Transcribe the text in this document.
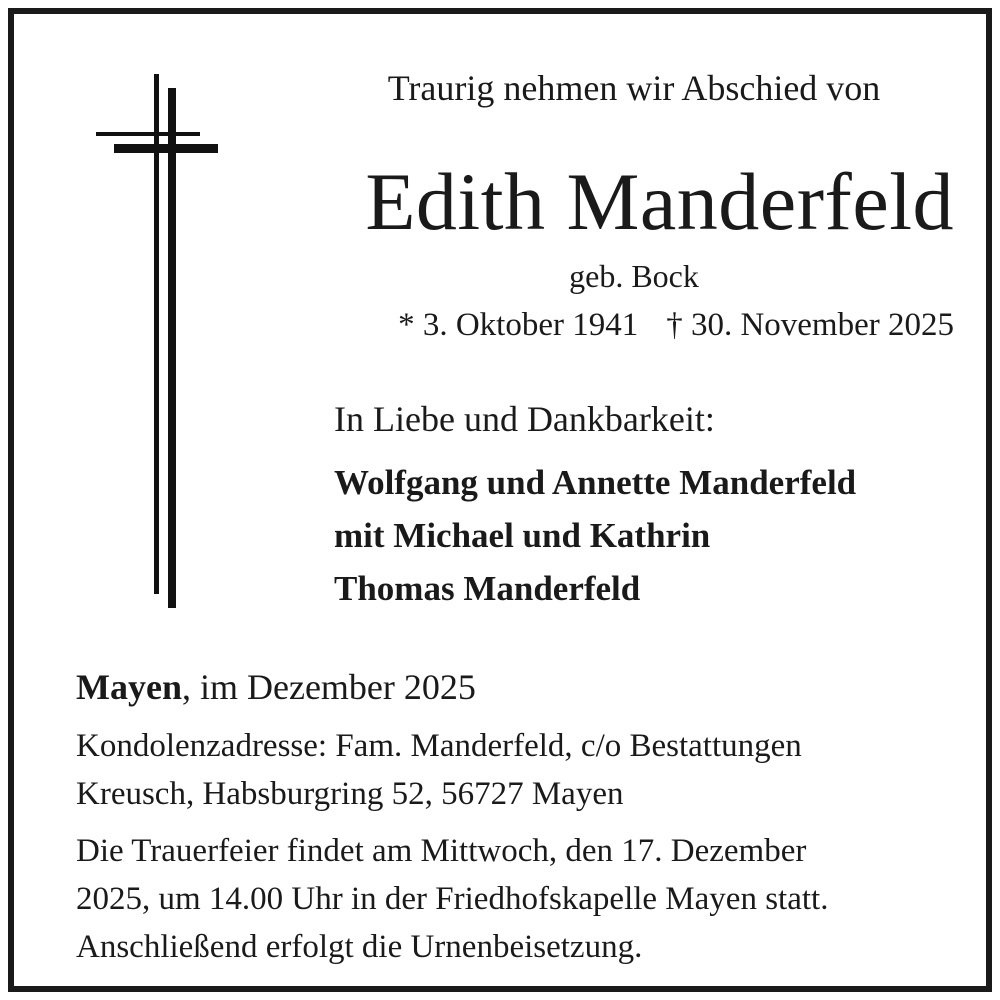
Traurig nehmen wir Abschied von
Edith Manderfeld
geb. Bock
* 3. Oktober 1941 † 30. November 2025
In Liebe und Dankbarkeit:
Wolfgang und Annette Manderfeld
mit Michael und Kathrin
Thomas Manderfeld
Mayen, im Dezember 2025
Kondolenzadresse: Fam. Manderfeld, c/o Bestattungen
Kreusch, Habsburgring 52, 56727 Mayen
Die Trauerfeier findet am Mittwoch, den 17. Dezember
2025, um 14.00 Uhr in der Friedhofskapelle Mayen statt.
Anschließend erfolgt die Urnenbeisetzung.
